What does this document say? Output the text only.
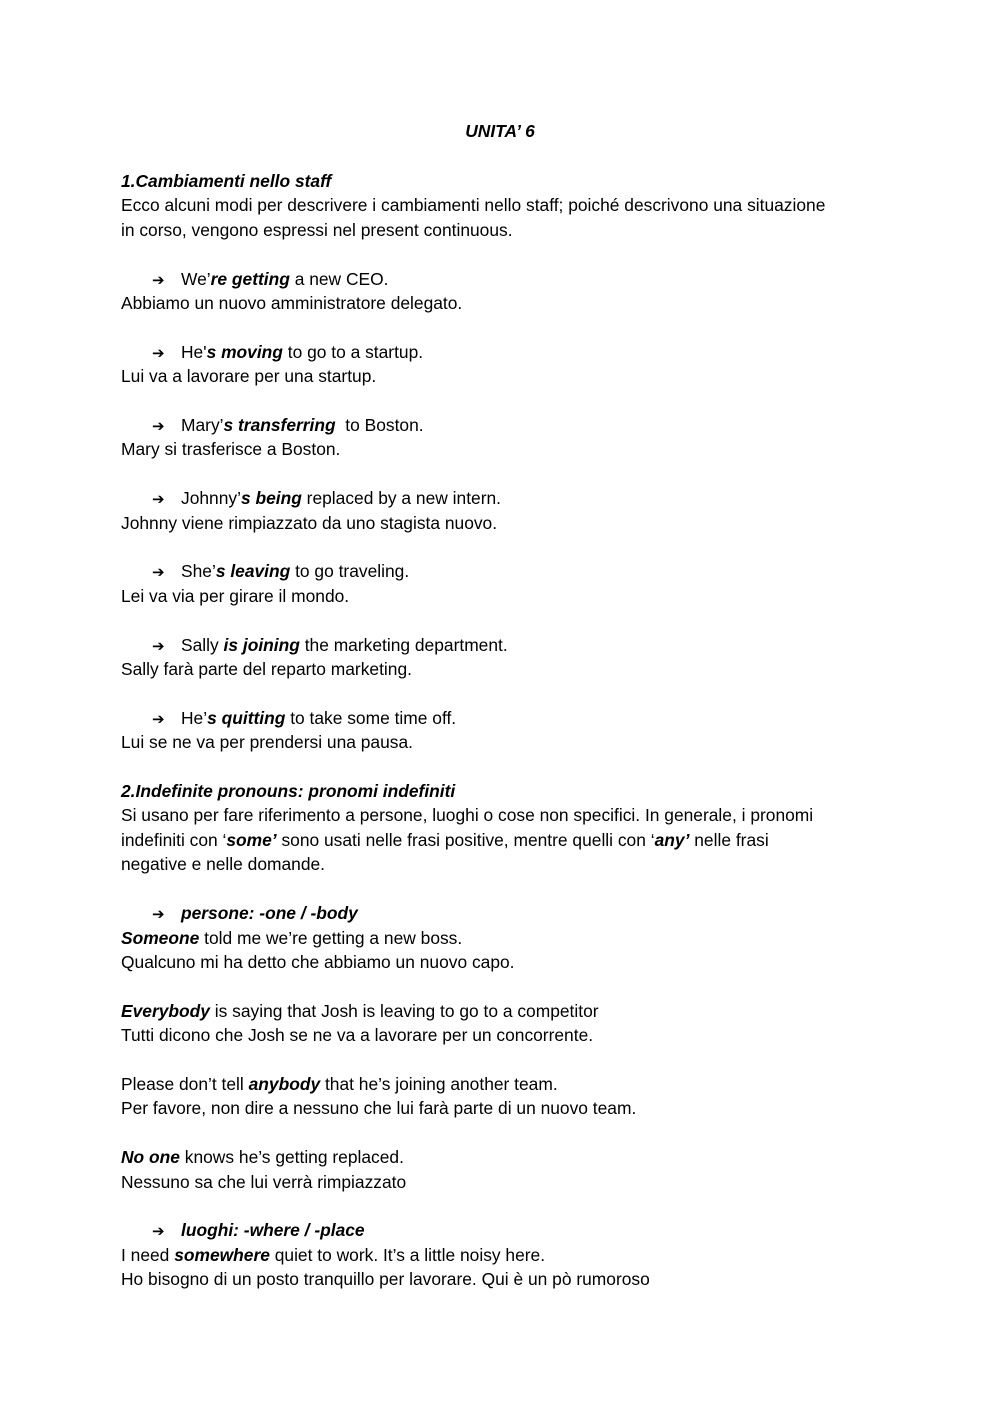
UNITA’ 6
1.Cambiamenti nello staff
Ecco alcuni modi per descrivere i cambiamenti nello staff; poiché descrivono una situazione
in corso, vengono espressi nel present continuous.
➔ We’re getting a new CEO.
Abbiamo un nuovo amministratore delegato.
➔ He's moving to go to a startup.
Lui va a lavorare per una startup.
➔ Mary’s transferring  to Boston.
Mary si trasferisce a Boston.
➔ Johnny’s being replaced by a new intern.
Johnny viene rimpiazzato da uno stagista nuovo.
➔ She’s leaving to go traveling.
Lei va via per girare il mondo.
➔ Sally is joining the marketing department.
Sally farà parte del reparto marketing.
➔ He’s quitting to take some time off.
Lui se ne va per prendersi una pausa.
2.Indefinite pronouns: pronomi indefiniti
Si usano per fare riferimento a persone, luoghi o cose non specifici. In generale, i pronomi
indefiniti con ‘some’ sono usati nelle frasi positive, mentre quelli con ‘any’ nelle frasi
negative e nelle domande.
➔ persone: -one / -body
Someone told me we’re getting a new boss.
Qualcuno mi ha detto che abbiamo un nuovo capo.
Everybody is saying that Josh is leaving to go to a competitor
Tutti dicono che Josh se ne va a lavorare per un concorrente.
Please don’t tell anybody that he’s joining another team.
Per favore, non dire a nessuno che lui farà parte di un nuovo team.
No one knows he’s getting replaced.
Nessuno sa che lui verrà rimpiazzato
➔ luoghi: -where / -place
I need somewhere quiet to work. It’s a little noisy here.
Ho bisogno di un posto tranquillo per lavorare. Qui è un pò rumoroso
